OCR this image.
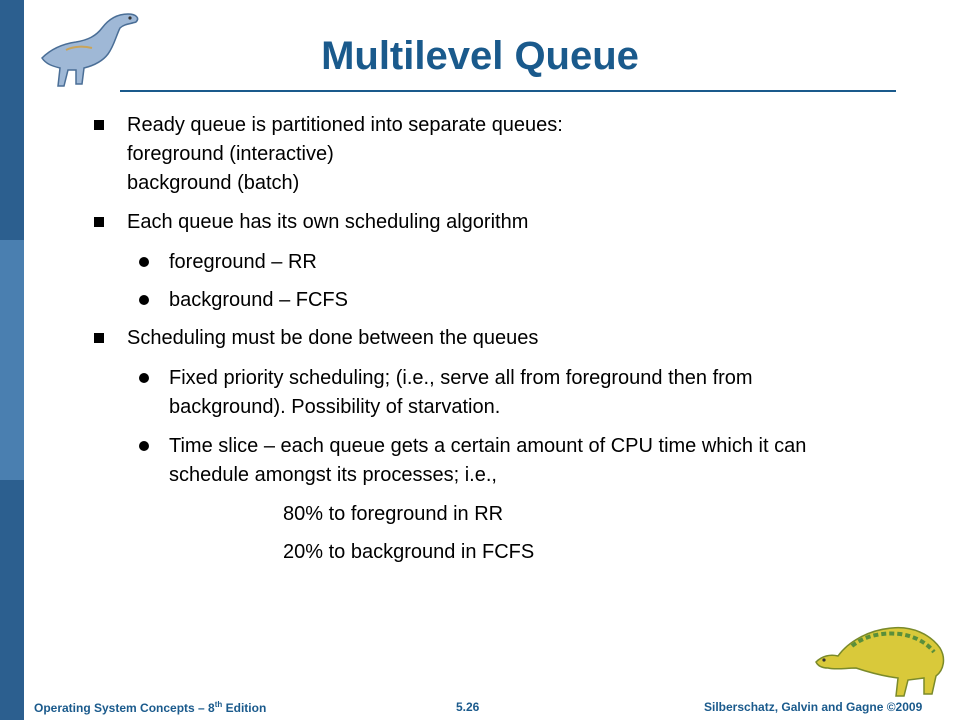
Multilevel Queue
Ready queue is partitioned into separate queues:
foreground (interactive)
background (batch)
Each queue has its own scheduling algorithm
foreground – RR
background – FCFS
Scheduling must be done between the queues
Fixed priority scheduling; (i.e., serve all from foreground then from
background). Possibility of starvation.
Time slice – each queue gets a certain amount of CPU time which it can
schedule amongst its processes; i.e.,
80% to foreground in RR
20% to background in FCFS
Operating System Concepts – 8th Edition	5.26	Silberschatz, Galvin and Gagne ©2009
